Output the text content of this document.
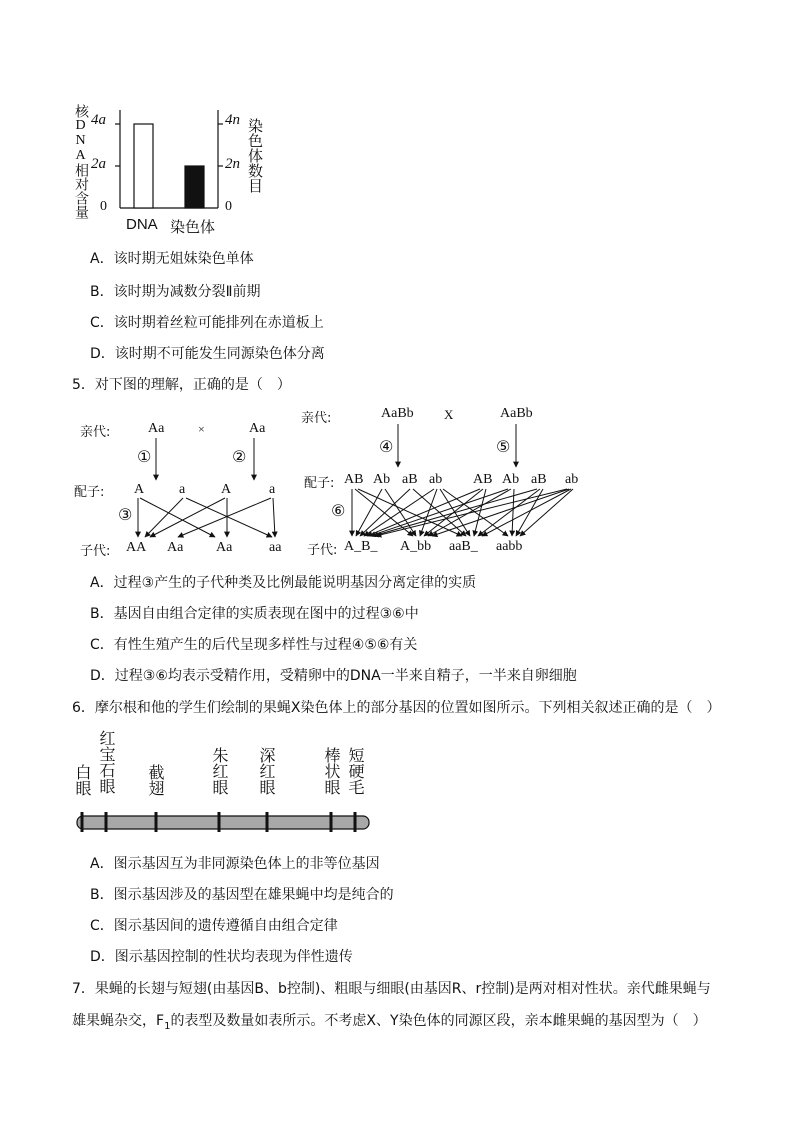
核DNA相对含量	染色体数目
4a
2a
0
4n
2n
0
DNA 染色体
A．该时期无姐妹染色单体
B．该时期为减数分裂Ⅱ前期
C．该时期着丝粒可能排列在赤道板上
D．该时期不可能发生同源染色体分离
5．对下图的理解，正确的是（　）
亲代:
配子:
子代:
Aa	×	Aa
①	②
③
A a	A	a
AA Aa Aa	aa
亲代:
配子:
子代:
AaBb X	AaBb
④	⑤
⑥
AB Ab aB ab AB Ab aB ab
A_B_ A_bb aaB_ aabb
A．过程③产生的子代种类及比例最能说明基因分离定律的实质
B．基因自由组合定律的实质表现在图中的过程③⑥中
C．有性生殖产生的后代呈现多样性与过程④⑤⑥有关
D．过程③⑥均表示受精作用，受精卵中的DNA一半来自精子，一半来自卵细胞
6．摩尔根和他的学生们绘制的果蝇X染色体上的部分基因的位置如图所示。下列相关叙述正确的是（　）
白眼 红宝石眼 截翅	朱红眼 深红眼	棒状眼 短硬毛
A．图示基因互为非同源染色体上的非等位基因
B．图示基因涉及的基因型在雄果蝇中均是纯合的
C．图示基因间的遗传遵循自由组合定律
D．图示基因控制的性状均表现为伴性遗传
7．果蝇的长翅与短翅(由基因B、b控制)、粗眼与细眼(由基因R、r控制)是两对相对性状。亲代雌果蝇与
雄果蝇杂交，$F_1$的表型及数量如表所示。不考虑X、Y染色体的同源区段，亲本雌果蝇的基因型为（　）
